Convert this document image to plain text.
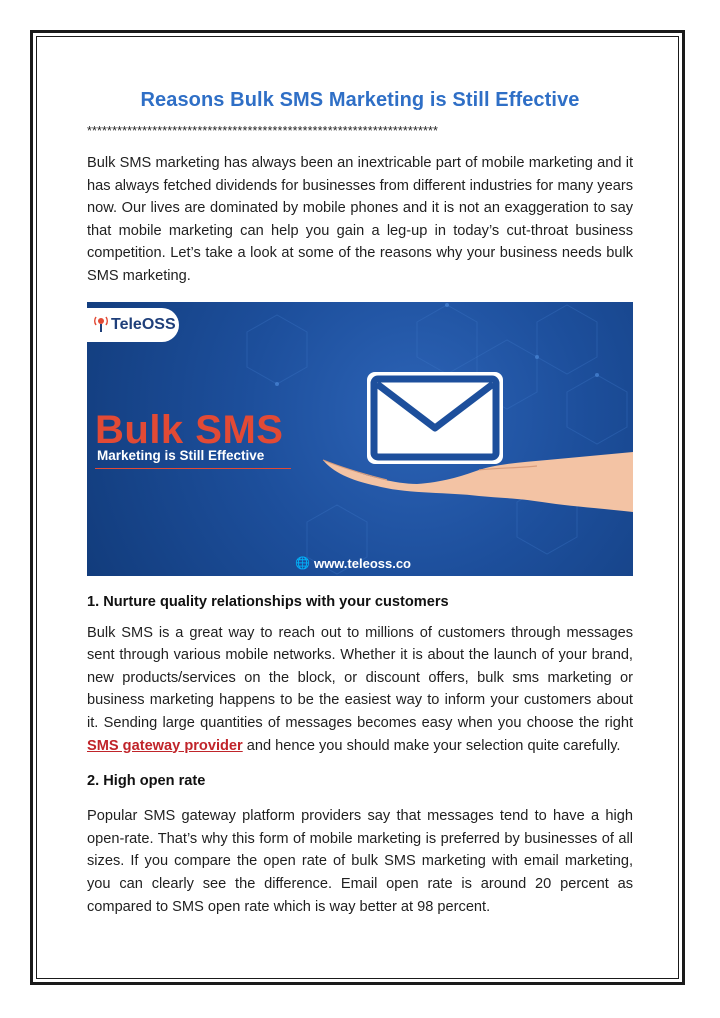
Reasons Bulk SMS Marketing is Still Effective
**********************************************************************

Bulk SMS marketing has always been an inextricable part of mobile marketing and it has always fetched dividends for businesses from different industries for many years now. Our lives are dominated by mobile phones and it is not an exaggeration to say that mobile marketing can help you gain a leg-up in today’s cut-throat business competition. Let’s take a look at some of the reasons why your business needs bulk SMS marketing.

TeleOSS
Bulk SMS
Marketing is Still Effective
🌐 www.teleoss.co
1. Nurture quality relationships with your customers

Bulk SMS is a great way to reach out to millions of customers through messages sent through various mobile networks. Whether it is about the launch of your brand, new products/services on the block, or discount offers, bulk sms marketing or business marketing happens to be the easiest way to inform your customers about it. Sending large quantities of messages becomes easy when you choose the right SMS gateway provider and hence you should make your selection quite carefully.

2. High open rate

Popular SMS gateway platform providers say that messages tend to have a high open-rate. That’s why this form of mobile marketing is preferred by businesses of all sizes. If you compare the open rate of bulk SMS marketing with email marketing, you can clearly see the difference. Email open rate is around 20 percent as compared to SMS open rate which is way better at 98 percent.
